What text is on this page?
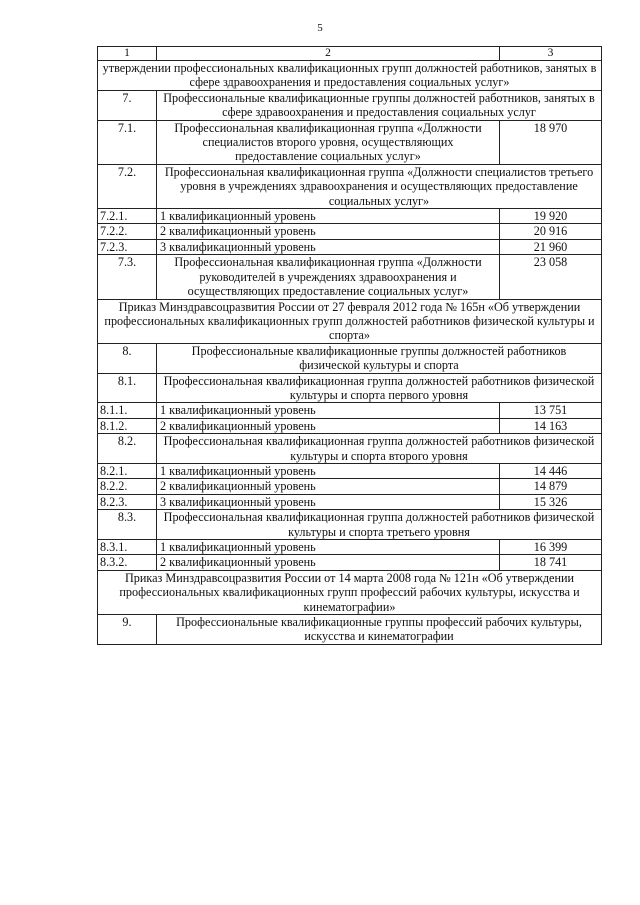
5
1	2	3
утверждении профессиональных квалификационных групп должностей работников, занятых в сфере здравоохранения и предоставления социальных услуг»		
7.	Профессиональные квалификационные группы должностей работников, занятых в сфере здравоохранения и предоставления социальных услуг	
7.1.	Профессиональная квалификационная группа «Должности специалистов второго уровня, осуществляющих предоставление социальных услуг»	18 970
7.2.	Профессиональная квалификационная группа «Должности специалистов третьего уровня в учреждениях здравоохранения и осуществляющих предоставление социальных услуг»	
7.2.1.	1 квалификационный уровень	19 920
7.2.2.	2 квалификационный уровень	20 916
7.2.3.	3 квалификационный уровень	21 960
7.3.	Профессиональная квалификационная группа «Должности руководителей в учреждениях здравоохранения и осуществляющих предоставление социальных услуг»	23 058
Приказ Минздравсоцразвития России от 27 февраля 2012 года № 165н «Об утверждении профессиональных квалификационных групп должностей работников физической культуры и спорта»		
8.	Профессиональные квалификационные группы должностей работников физической культуры и спорта	
8.1.	Профессиональная квалификационная группа должностей работников физической культуры и спорта первого уровня	
8.1.1.	1 квалификационный уровень	13 751
8.1.2.	2 квалификационный уровень	14 163
8.2.	Профессиональная квалификационная группа должностей работников физической культуры и спорта второго уровня	
8.2.1.	1 квалификационный уровень	14 446
8.2.2.	2 квалификационный уровень	14 879
8.2.3.	3 квалификационный уровень	15 326
8.3.	Профессиональная квалификационная группа должностей работников физической культуры и спорта третьего уровня	
8.3.1.	1 квалификационный уровень	16 399
8.3.2.	2 квалификационный уровень	18 741
Приказ Минздравсоцразвития России от 14 марта 2008 года № 121н «Об утверждении профессиональных квалификационных групп профессий рабочих культуры, искусства и кинематографии»		
9.	Профессиональные квалификационные группы профессий рабочих культуры, искусства и кинематографии	
